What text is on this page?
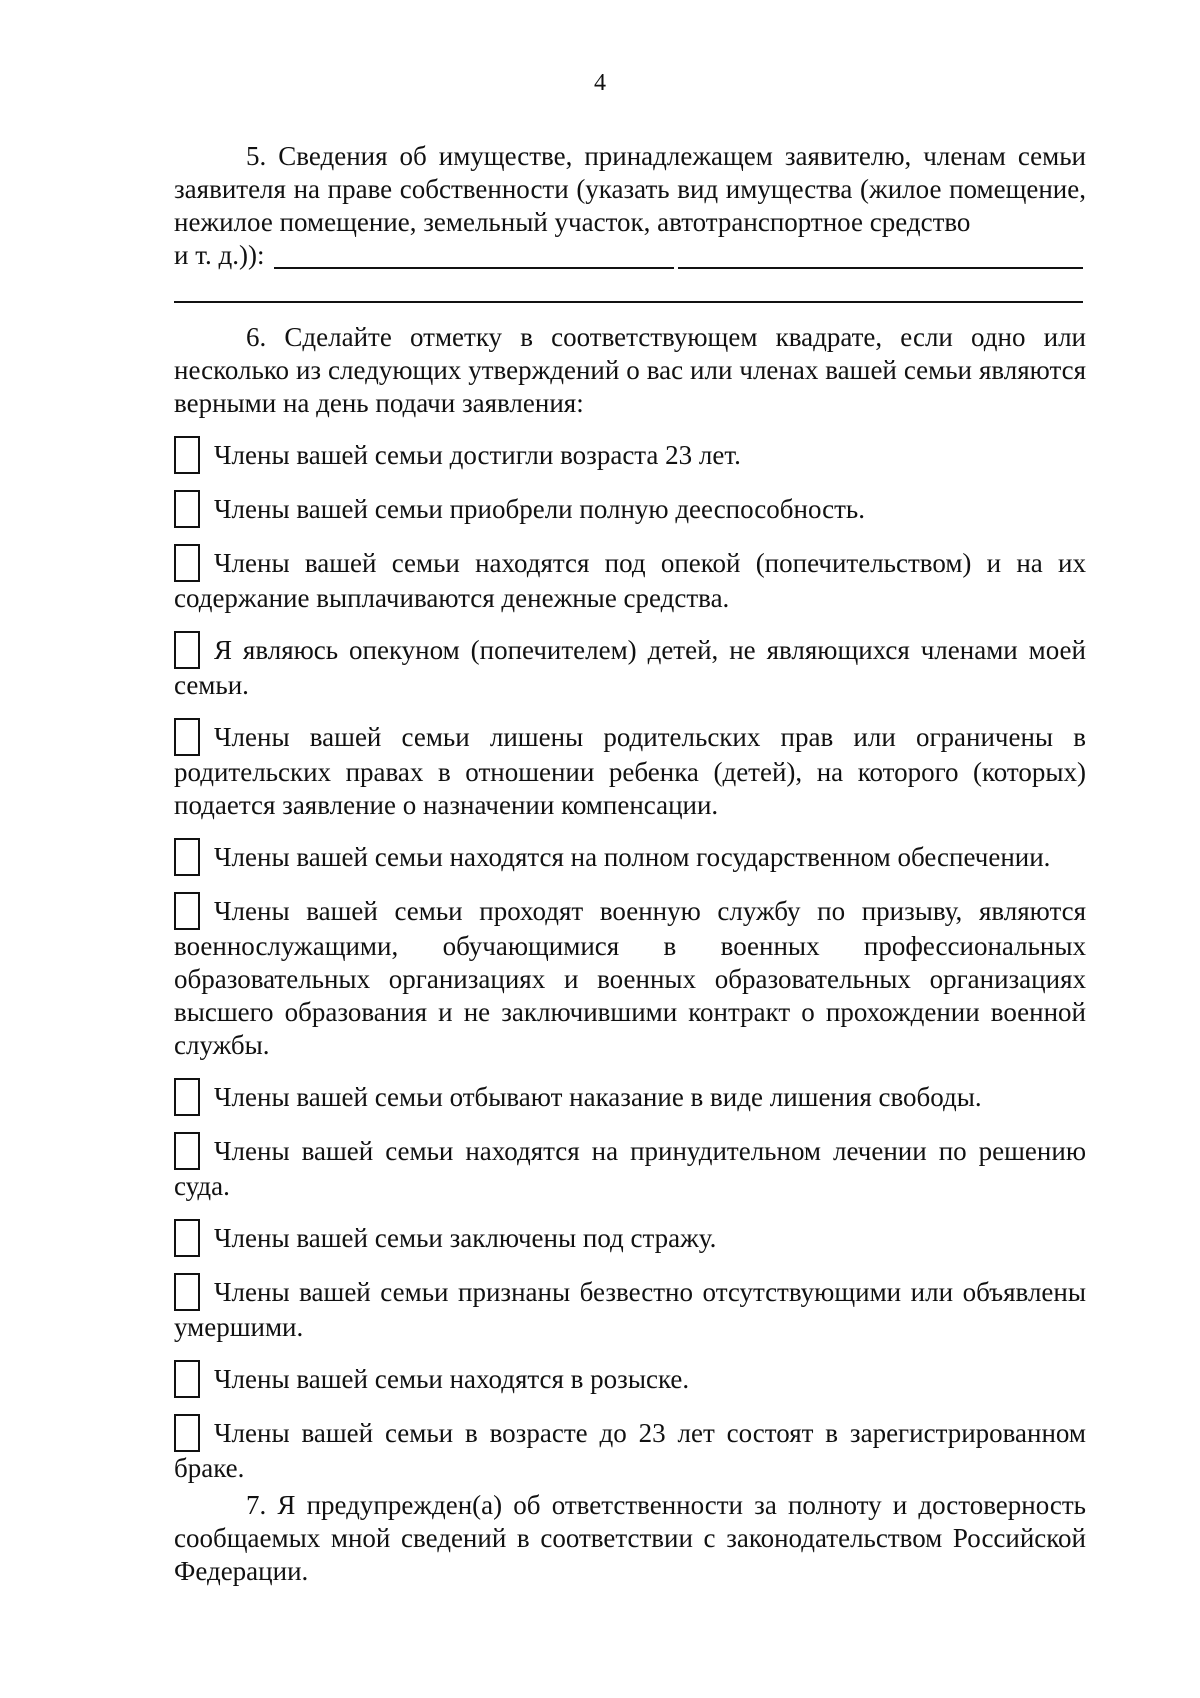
4

5. Сведения об имуществе, принадлежащем заявителю, членам семьи заявителя на праве собственности (указать вид имущества (жилое помещение, нежилое помещение, земельный участок, автотранспортное средство

и т. д.)):

6. Сделайте отметку в соответствующем квадрате, если одно или несколько из следующих утверждений о вас или членах вашей семьи являются верными на день подачи заявления:

Члены вашей семьи достигли возраста 23 лет.
Члены вашей семьи приобрели полную дееспособность.
Члены вашей семьи находятся под опекой (попечительством) и на их содержание выплачиваются денежные средства.
Я являюсь опекуном (попечителем) детей, не являющихся членами моей семьи.
Члены вашей семьи лишены родительских прав или ограничены в родительских правах в отношении ребенка (детей), на которого (которых) подается заявление о назначении компенсации.
Члены вашей семьи находятся на полном государственном обеспечении.
Члены вашей семьи проходят военную службу по призыву, являются военнослужащими, обучающимися в военных профессиональных образовательных организациях и военных образовательных организациях высшего образования и не заключившими контракт о прохождении военной службы.
Члены вашей семьи отбывают наказание в виде лишения свободы.
Члены вашей семьи находятся на принудительном лечении по решению суда.
Члены вашей семьи заключены под стражу.
Члены вашей семьи признаны безвестно отсутствующими или объявлены умершими.
Члены вашей семьи находятся в розыске.
Члены вашей семьи в возрасте до 23 лет состоят в зарегистрированном браке.

7. Я предупрежден(а) об ответственности за полноту и достоверность сообщаемых мной сведений в соответствии с законодательством Российской Федерации.
